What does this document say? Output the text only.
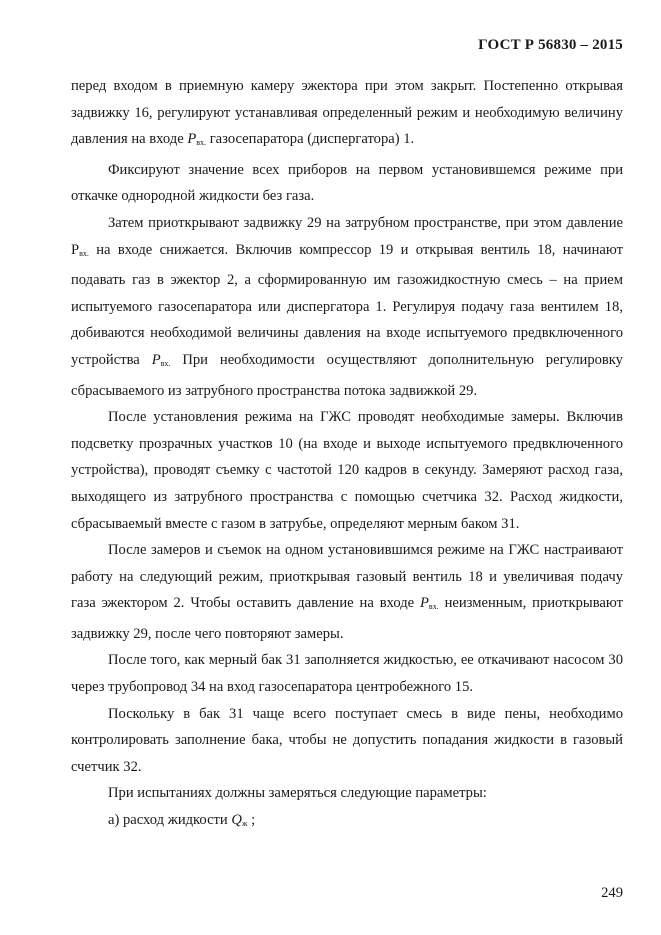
ГОСТ Р 56830 – 2015

перед входом в приемную камеру эжектора при этом закрыт. Постепенно открывая задвижку 16, регулируют устанавливая определенный режим и необходимую величину давления на входе $P_{вх.}$ газосепаратора (диспергатора) 1.

Фиксируют значение всех приборов на первом установившемся режиме при откачке однородной жидкости без газа.

Затем приоткрывают задвижку 29 на затрубном пространстве, при этом давление $Р_{вх.}$ на входе снижается. Включив компрессор 19 и открывая вентиль 18, начинают подавать газ в эжектор 2, а сформированную им газожидкостную смесь – на прием испытуемого газосепаратора или диспергатора 1. Регулируя подачу газа вентилем 18, добиваются необходимой величины давления на входе испытуемого предвключенного устройства $P_{вх.}$ При необходимости осуществляют дополнительную регулировку сбрасываемого из затрубного пространства потока задвижкой 29.

После установления режима на ГЖС проводят необходимые замеры. Включив подсветку прозрачных участков 10 (на входе и выходе испытуемого предвключенного устройства), проводят съемку с частотой 120 кадров в секунду. Замеряют расход газа, выходящего из затрубного пространства с помощью счетчика 32. Расход жидкости, сбрасываемый вместе с газом в затрубье, определяют мерным баком 31.

После замеров и съемок на одном установившимся режиме на ГЖС настраивают работу на следующий режим, приоткрывая газовый вентиль 18 и увеличивая подачу газа эжектором 2. Чтобы оставить давление на входе $P_{вх.}$ неизменным, приоткрывают задвижку 29, после чего повторяют замеры.

После того, как мерный бак 31 заполняется жидкостью, ее откачивают насосом 30 через трубопровод 34 на вход газосепаратора центробежного 15.

Поскольку в бак 31 чаще всего поступает смесь в виде пены, необходимо контролировать заполнение бака, чтобы не допустить попадания жидкости в газовый счетчик 32.

При испытаниях должны замеряться следующие параметры:

а) расход жидкости $Q_ж$ ;

249
